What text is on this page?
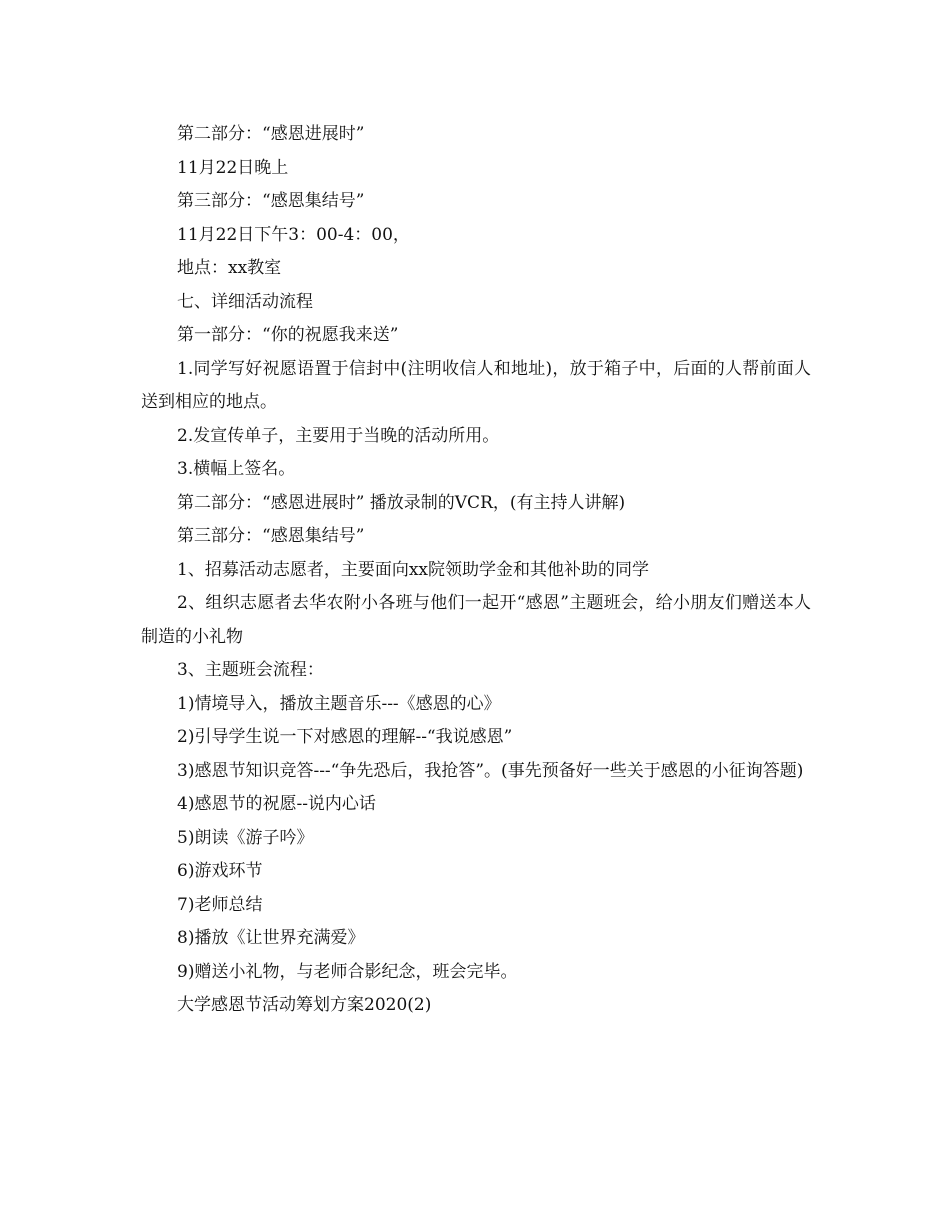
第二部分：“感恩进展时”

11月22日晚上

第三部分：“感恩集结号”

11月22日下午3：00-4：00，

地点：xx教室

七、详细活动流程

第一部分：“你的祝愿我来送”

1.同学写好祝愿语置于信封中(注明收信人和地址)，放于箱子中，后面的人帮前面人送到相应的地点。

2.发宣传单子，主要用于当晚的活动所用。

3.横幅上签名。

第二部分：“感恩进展时” 播放录制的VCR，(有主持人讲解)

第三部分：“感恩集结号”

1、招募活动志愿者，主要面向xx院领助学金和其他补助的同学

2、组织志愿者去华农附小各班与他们一起开“感恩”主题班会，给小朋友们赠送本人制造的小礼物

3、主题班会流程：

1)情境导入，播放主题音乐---《感恩的心》

2)引导学生说一下对感恩的理解--“我说感恩”

3)感恩节知识竞答---“争先恐后，我抢答”。(事先预备好一些关于感恩的小征询答题)

4)感恩节的祝愿--说内心话

5)朗读《游子吟》

6)游戏环节

7)老师总结

8)播放《让世界充满爱》

9)赠送小礼物，与老师合影纪念，班会完毕。

大学感恩节活动筹划方案2020(2)
